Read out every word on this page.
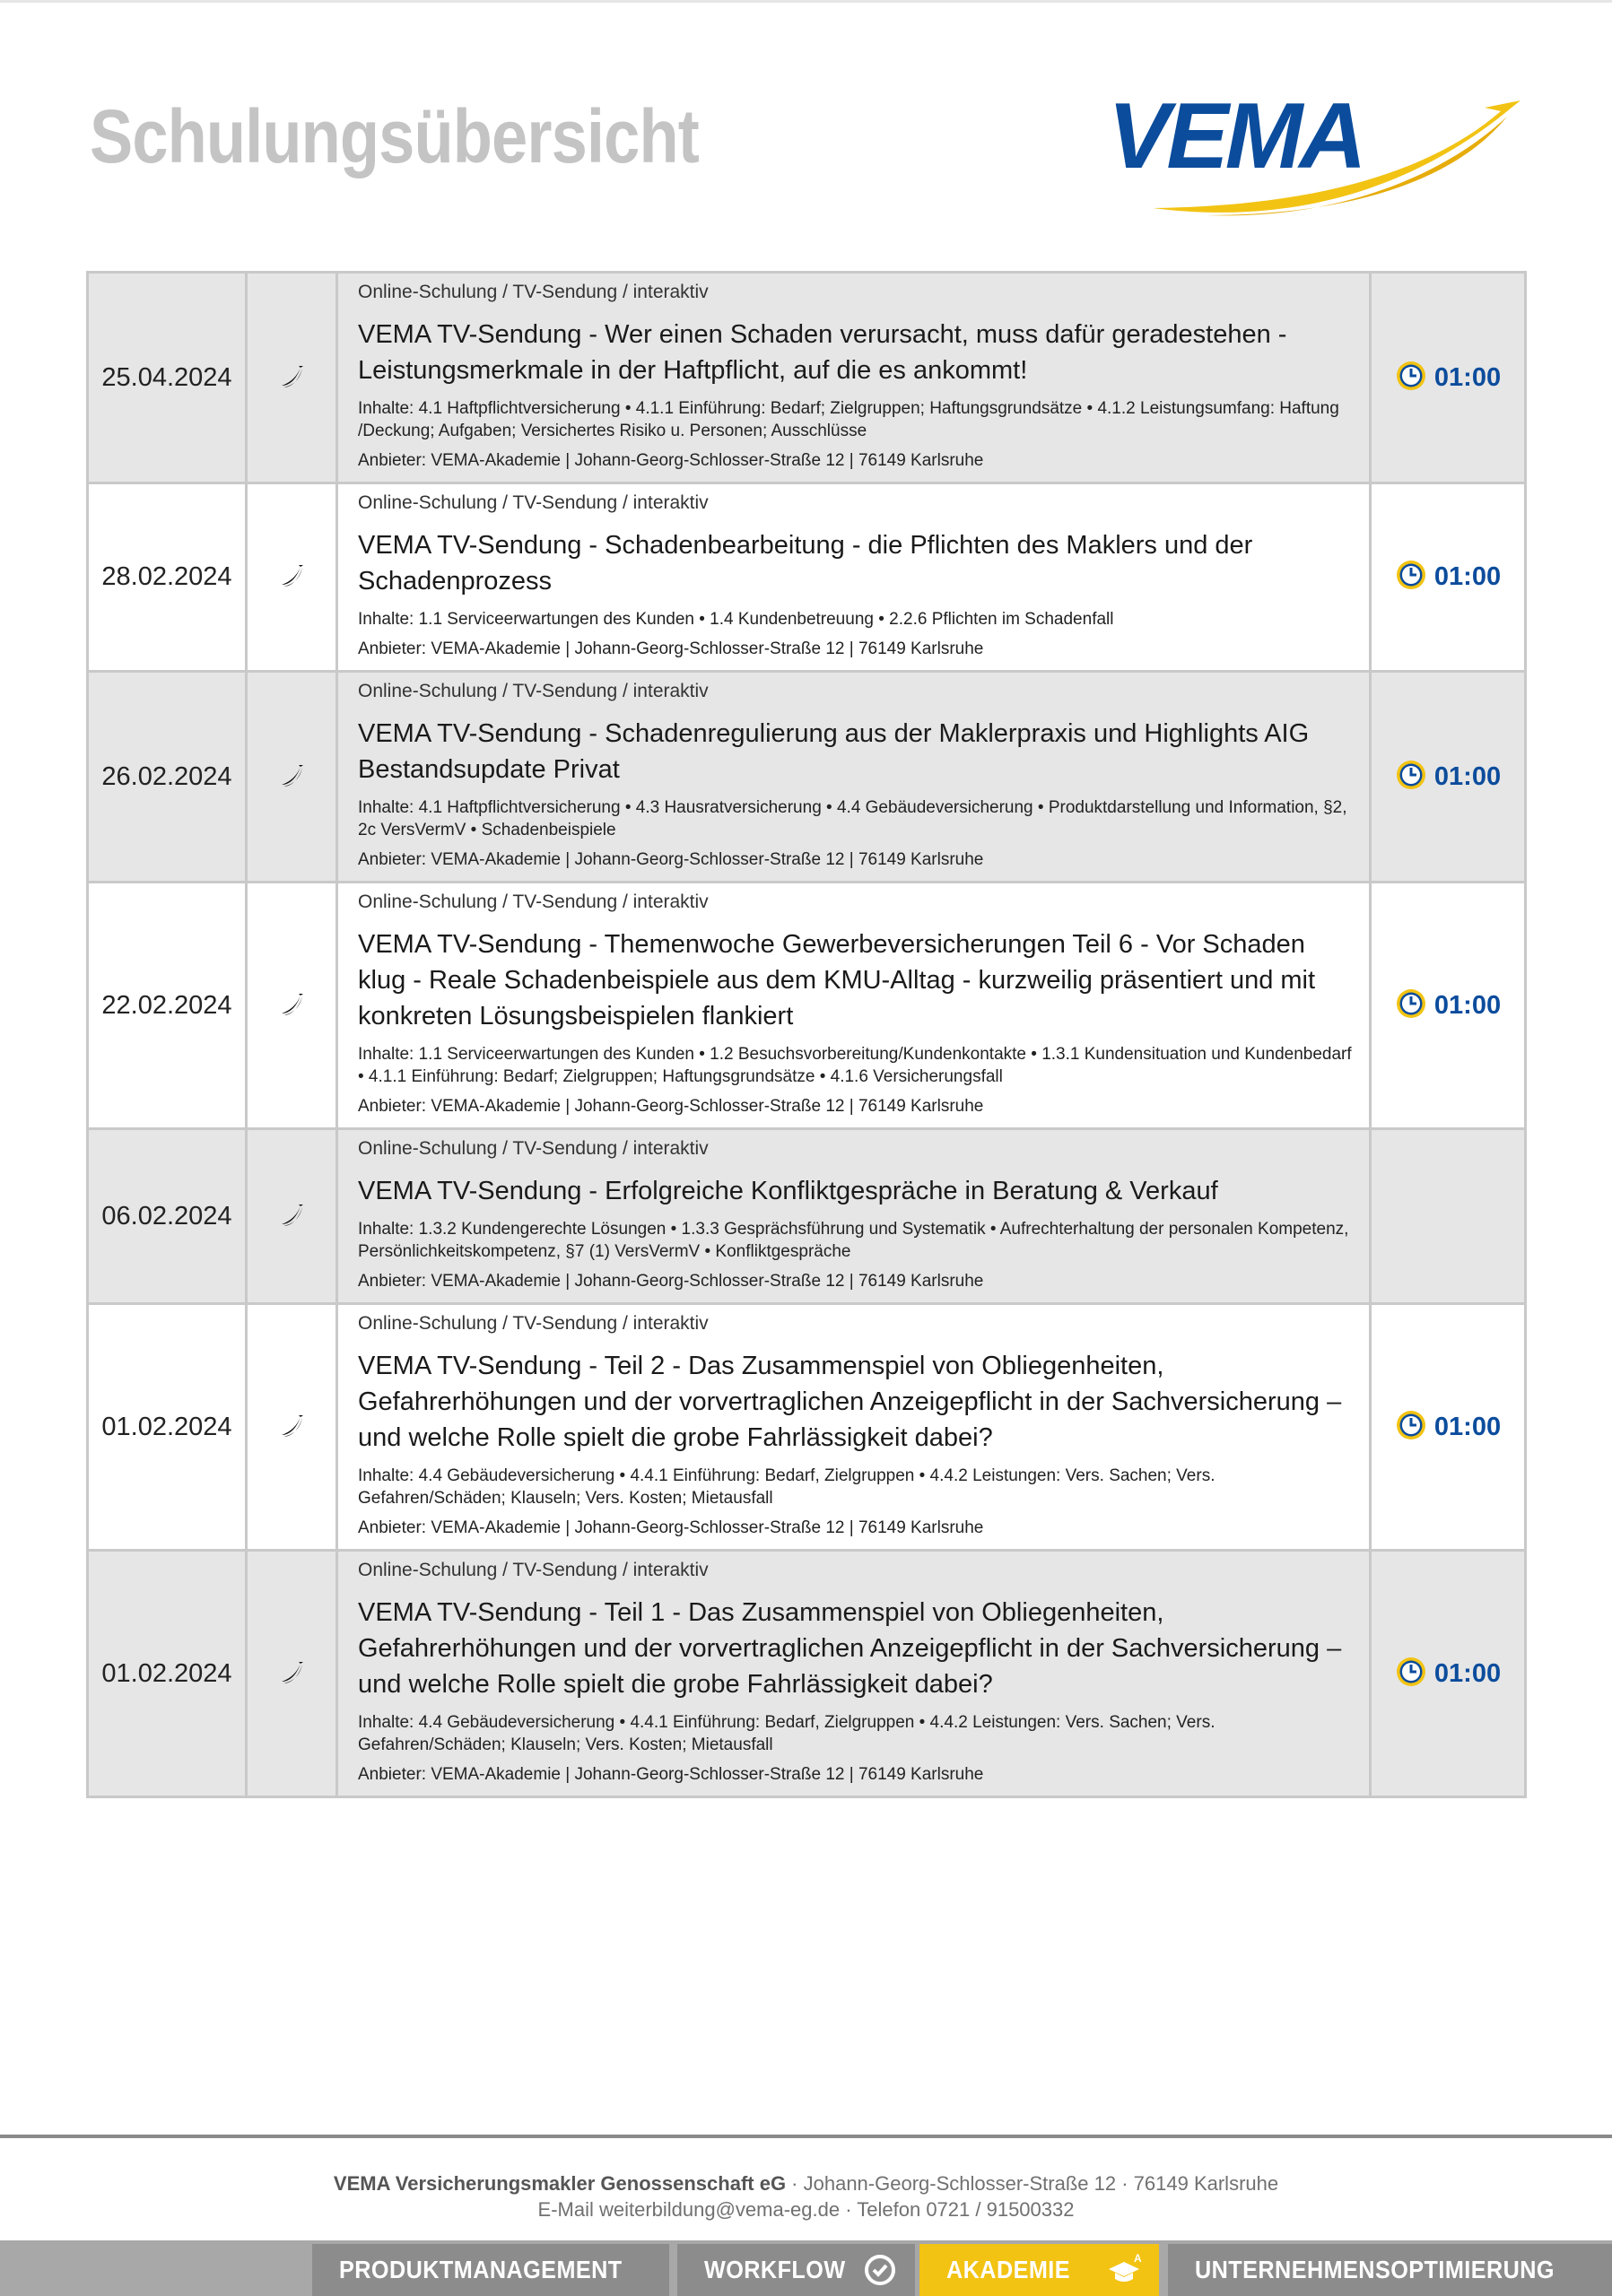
Schulungsübersicht	VEMA
25.04.2024		Online-Schulung / TV-Sendung / interaktiv
VEMA TV-Sendung - Wer einen Schaden verursacht, muss dafür geradestehen - Leistungsmerkmale in der Haftpflicht, auf die es ankommt!
Inhalte: 4.1 Haftpflichtversicherung • 4.1.1 Einführung: Bedarf; Zielgruppen; Haftungsgrundsätze • 4.1.2 Leistungsumfang: Haftung /Deckung; Aufgaben; Versichertes Risiko u. Personen; Ausschlüsse
Anbieter: VEMA-Akademie | Johann-Georg-Schlosser-Straße 12 | 76149 Karlsruhe	01:00

28.02.2024		Online-Schulung / TV-Sendung / interaktiv
VEMA TV-Sendung - Schadenbearbeitung - die Pflichten des Maklers und der Schadenprozess
Inhalte: 1.1 Serviceerwartungen des Kunden • 1.4 Kundenbetreuung • 2.2.6 Pflichten im Schadenfall
Anbieter: VEMA-Akademie | Johann-Georg-Schlosser-Straße 12 | 76149 Karlsruhe	01:00

26.02.2024		Online-Schulung / TV-Sendung / interaktiv
VEMA TV-Sendung - Schadenregulierung aus der Maklerpraxis und Highlights AIG Bestandsupdate Privat
Inhalte: 4.1 Haftpflichtversicherung • 4.3 Hausratversicherung • 4.4 Gebäudeversicherung • Produktdarstellung und Information, §2, 2c VersVermV • Schadenbeispiele
Anbieter: VEMA-Akademie | Johann-Georg-Schlosser-Straße 12 | 76149 Karlsruhe	01:00

22.02.2024		Online-Schulung / TV-Sendung / interaktiv
VEMA TV-Sendung - Themenwoche Gewerbeversicherungen Teil 6 - Vor Schaden klug - Reale Schadenbeispiele aus dem KMU-Alltag - kurzweilig präsentiert und mit konkreten Lösungsbeispielen flankiert
Inhalte: 1.1 Serviceerwartungen des Kunden • 1.2 Besuchsvorbereitung/Kundenkontakte • 1.3.1 Kundensituation und Kundenbedarf • 4.1.1 Einführung: Bedarf; Zielgruppen; Haftungsgrundsätze • 4.1.6 Versicherungsfall
Anbieter: VEMA-Akademie | Johann-Georg-Schlosser-Straße 12 | 76149 Karlsruhe	01:00

06.02.2024		Online-Schulung / TV-Sendung / interaktiv
VEMA TV-Sendung - Erfolgreiche Konfliktgespräche in Beratung & Verkauf
Inhalte: 1.3.2 Kundengerechte Lösungen • 1.3.3 Gesprächsführung und Systematik • Aufrechterhaltung der personalen Kompetenz, Persönlichkeitskompetenz, §7 (1) VersVermV • Konfliktgespräche
Anbieter: VEMA-Akademie | Johann-Georg-Schlosser-Straße 12 | 76149 Karlsruhe	

01.02.2024		Online-Schulung / TV-Sendung / interaktiv
VEMA TV-Sendung - Teil 2 - Das Zusammenspiel von Obliegenheiten, Gefahrerhöhungen und der vorvertraglichen Anzeigepflicht in der Sachversicherung – und welche Rolle spielt die grobe Fahrlässigkeit dabei?
Inhalte: 4.4 Gebäudeversicherung • 4.4.1 Einführung: Bedarf, Zielgruppen • 4.4.2 Leistungen: Vers. Sachen; Vers. Gefahren/Schäden; Klauseln; Vers. Kosten; Mietausfall
Anbieter: VEMA-Akademie | Johann-Georg-Schlosser-Straße 12 | 76149 Karlsruhe	01:00

01.02.2024		Online-Schulung / TV-Sendung / interaktiv
VEMA TV-Sendung - Teil 1 - Das Zusammenspiel von Obliegenheiten, Gefahrerhöhungen und der vorvertraglichen Anzeigepflicht in der Sachversicherung – und welche Rolle spielt die grobe Fahrlässigkeit dabei?
Inhalte: 4.4 Gebäudeversicherung • 4.4.1 Einführung: Bedarf, Zielgruppen • 4.4.2 Leistungen: Vers. Sachen; Vers. Gefahren/Schäden; Klauseln; Vers. Kosten; Mietausfall
Anbieter: VEMA-Akademie | Johann-Georg-Schlosser-Straße 12 | 76149 Karlsruhe	01:00
VEMA Versicherungsmakler Genossenschaft eG · Johann-Georg-Schlosser-Straße 12 · 76149 Karlsruhe
E-Mail weiterbildung@vema-eg.de · Telefon 0721 / 91500332
PRODUKTMANAGEMENT	WORKFLOW	AKADEMIE	A UNTERNEHMENSOPTIMIERUNG
